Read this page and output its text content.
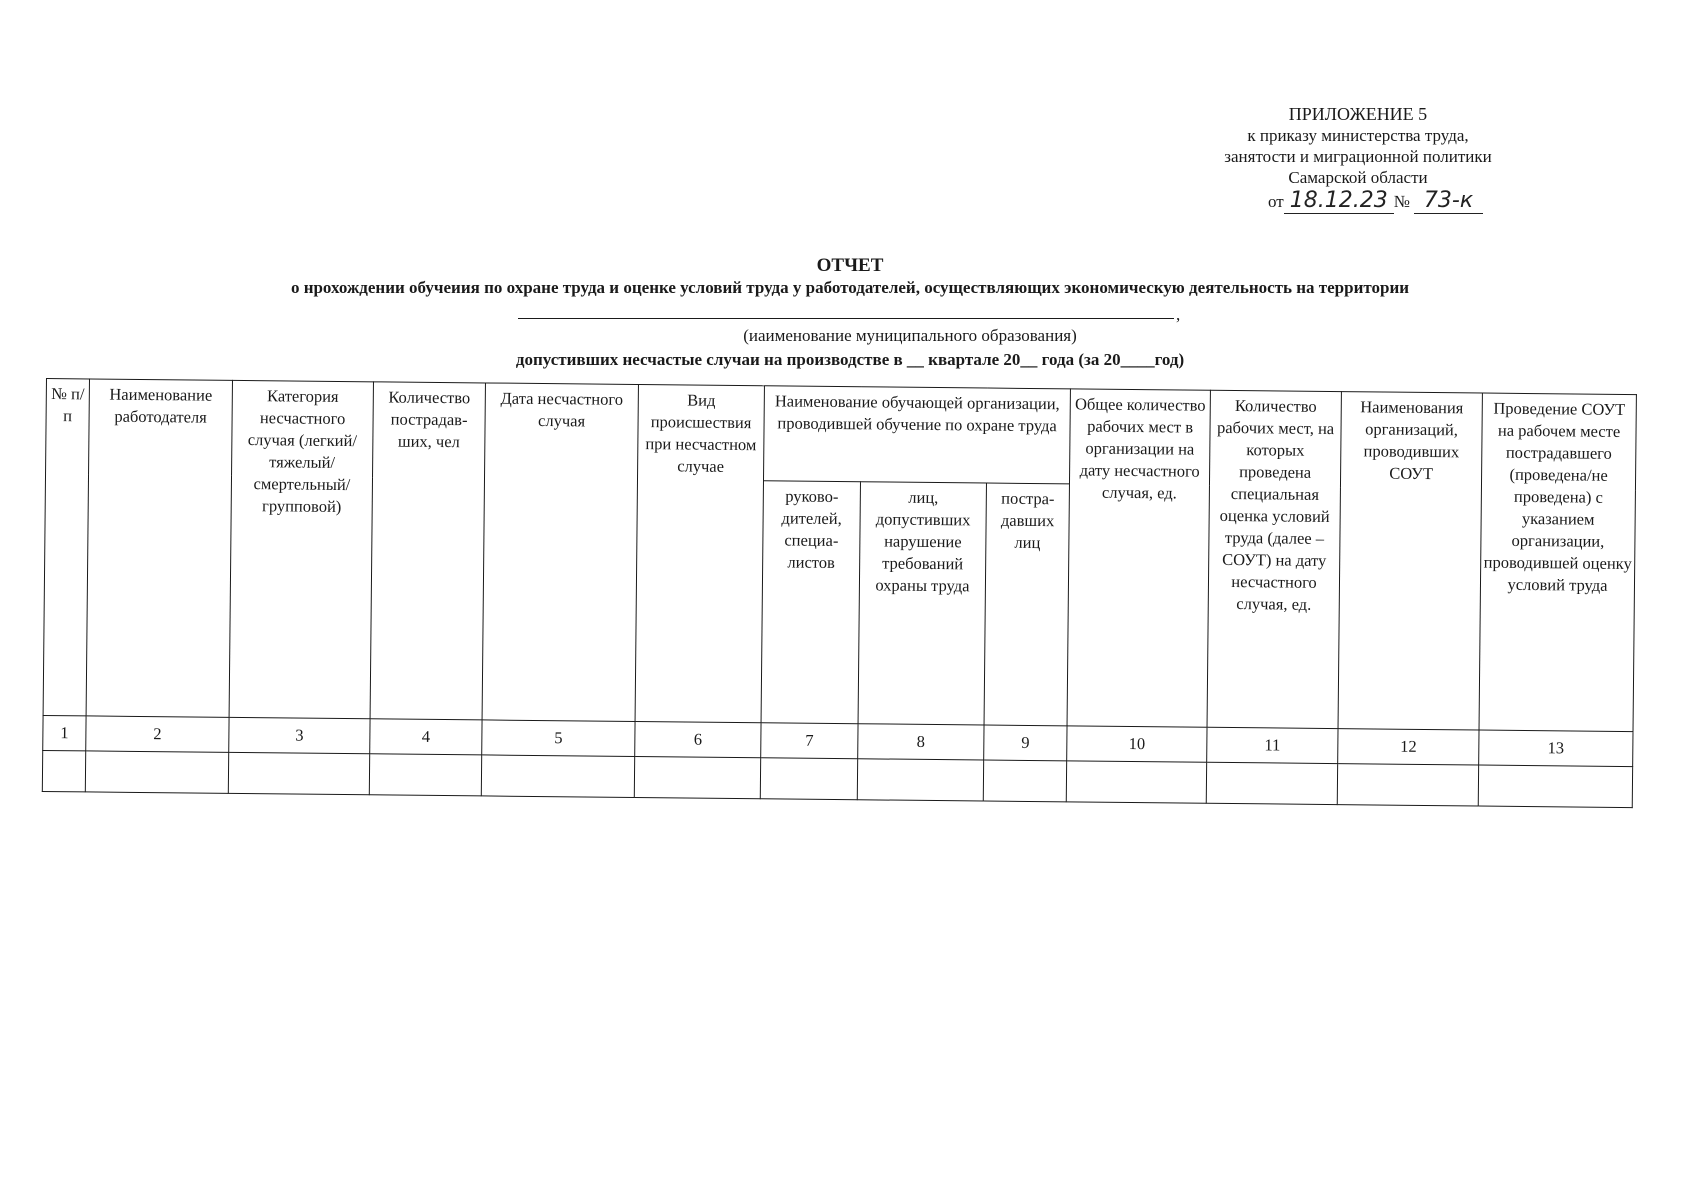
ПРИЛОЖЕНИЕ 5
к приказу министерства труда,
занятости и миграционной политики
Самарской области
от 18.12.23 № 73-к
ОТЧЕТ
о нрохождении обучеиия по охране труда и оценке условий труда у работодателей, осуществляющих экономическую деятельность на территории
,
(иаименование муниципального образования)
допустивших несчастые случаи на производстве в __ квартале 20__ года (за 20____год)
№ п/п	Наименование работодателя	Категория несчастного случая (легкий/ тяжелый/ смертельный/ групповой)	Количество пострадав-ших, чел	Дата несчастного случая	Вид происшествия при несчастном случае	Наименование обучающей организации, проводившей обучение по охране труда			Общее количество рабочих мест в организации на дату несчастного случая, ед.	Количество рабочих мест, на которых проведена специальная оценка условий труда (далее – СОУТ) на дату несчастного случая, ед.	Наименования организаций, проводивших СОУТ	Проведение СОУТ на рабочем месте пострадавшего (проведена/не проведена) с указанием организации, проводившей оценку условий труда
						руково-дителей, специа-листов	лиц, допустивших нарушение требований охраны труда	постра-давших лиц				
1	2	3	4	5	6	7	8	9	10	11	12	13
